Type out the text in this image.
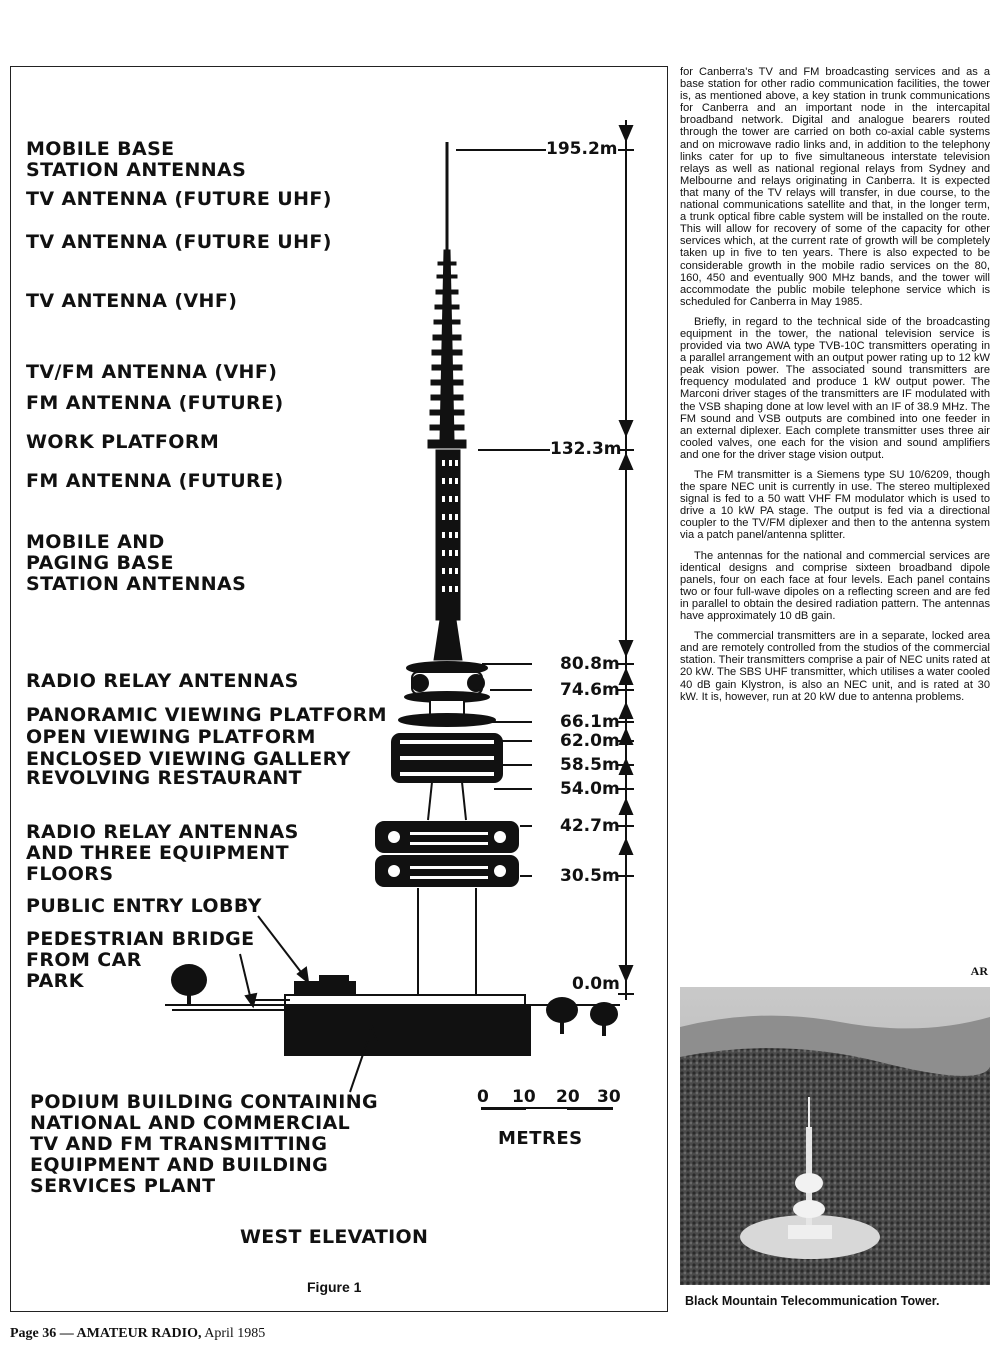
MOBILE BASE
STATION ANTENNAS
TV ANTENNA (FUTURE UHF)
TV ANTENNA (FUTURE UHF)
TV ANTENNA (VHF)
TV/FM ANTENNA (VHF)
FM ANTENNA (FUTURE)
WORK PLATFORM
FM ANTENNA (FUTURE)
MOBILE AND
PAGING BASE
STATION ANTENNAS
RADIO RELAY ANTENNAS
PANORAMIC VIEWING PLATFORM
OPEN VIEWING PLATFORM
ENCLOSED VIEWING GALLERY
REVOLVING RESTAURANT
RADIO RELAY ANTENNAS
AND THREE EQUIPMENT
FLOORS
PUBLIC ENTRY LOBBY
PEDESTRIAN BRIDGE
FROM CAR
PARK
PODIUM BUILDING CONTAINING
NATIONAL AND COMMERCIAL
TV AND FM TRANSMITTING
EQUIPMENT AND BUILDING
SERVICES PLANT
195.2m
132.3m
80.8m
74.6m
66.1m
62.0m
58.5m
54.0m
42.7m
30.5m
0.0m
0 10 20 30
METRES
WEST ELEVATION
Figure 1

for Canberra's TV and FM broadcasting services and as a base station for other radio communication facilities, the tower is, as mentioned above, a key station in trunk communications for Canberra and an important node in the intercapital broadband network. Digital and analogue bearers routed through the tower are carried on both co-axial cable systems and on microwave radio links and, in addition to the telephony links cater for up to five simultaneous interstate television relays as well as national regional relays from Sydney and Melbourne and relays originating in Canberra. It is expected that many of the TV relays will transfer, in due course, to the national communications satellite and that, in the longer term, a trunk optical fibre cable system will be installed on the route. This will allow for recovery of some of the capacity for other services which, at the current rate of growth will be completely taken up in five to ten years. There is also expected to be considerable growth in the mobile radio services on the 80, 160, 450 and eventually 900 MHz bands, and the tower will accommodate the public mobile telephone service which is scheduled for Canberra in May 1985.

Briefly, in regard to the technical side of the broadcasting equipment in the tower, the national television service is provided via two AWA type TVB-10C transmitters operating in a parallel arrangement with an output power rating up to 12 kW peak vision power. The associated sound transmitters are frequency modulated and produce 1 kW output power. The Marconi driver stages of the transmitters are IF modulated with the VSB shaping done at low level with an IF of 38.9 MHz. The FM sound and VSB outputs are combined into one feeder in an external diplexer. Each complete transmitter uses three air cooled valves, one each for the vision and sound amplifiers and one for the driver stage vision output.

The FM transmitter is a Siemens type SU 10/6209, though the spare NEC unit is currently in use. The stereo multiplexed signal is fed to a 50 watt VHF FM modulator which is used to drive a 10 kW PA stage. The output is fed via a directional coupler to the TV/FM diplexer and then to the antenna system via a patch panel/antenna splitter.

The antennas for the national and commercial services are identical designs and comprise sixteen broadband dipole panels, four on each face at four levels. Each panel contains two or four full-wave dipoles on a reflecting screen and are fed in parallel to obtain the desired radiation pattern. The antennas have approximately 10 dB gain.

The commercial transmitters are in a separate, locked area and are remotely controlled from the studios of the commercial station. Their transmitters comprise a pair of NEC units rated at 20 kW. The SBS UHF transmitter, which utilises a water cooled 40 dB gain Klystron, is also an NEC unit, and is rated at 30 kW. It is, however, run at 20 kW due to antenna problems.

AR
Black Mountain Telecommunication Tower.
Page 36 — AMATEUR RADIO, April 1985
